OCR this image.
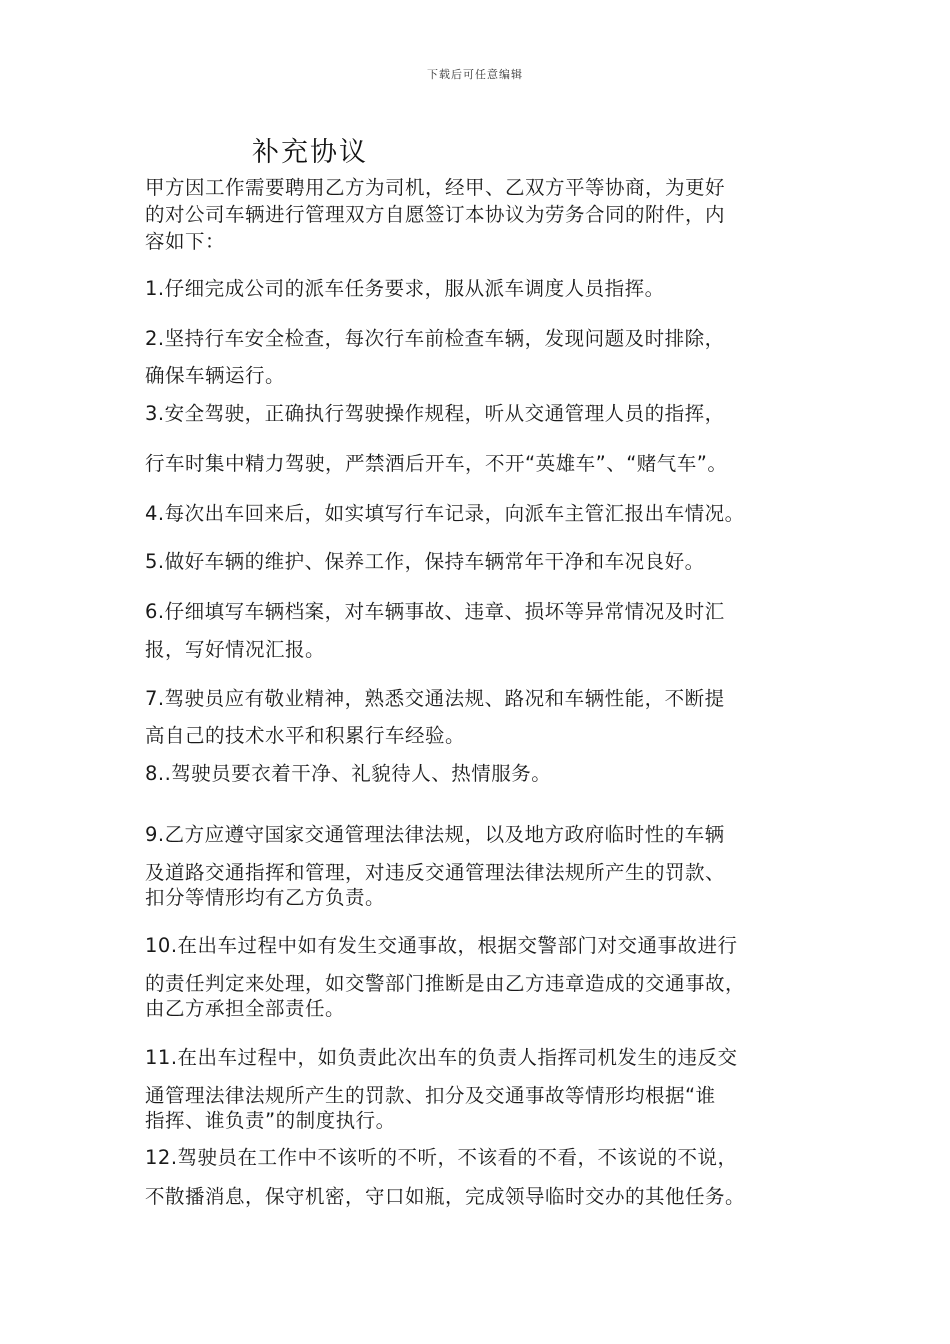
下载后可任意编辑
补充协议
甲方因工作需要聘用乙方为司机，经甲、乙双方平等协商，为更好
的对公司车辆进行管理双方自愿签订本协议为劳务合同的附件，内
容如下：
1.仔细完成公司的派车任务要求，服从派车调度人员指挥。
2.坚持行车安全检查，每次行车前检查车辆，发现问题及时排除，
确保车辆运行。
3.安全驾驶，正确执行驾驶操作规程，听从交通管理人员的指挥，
行车时集中精力驾驶，严禁酒后开车，不开“英雄车”、“赌气车”。
4.每次出车回来后，如实填写行车记录，向派车主管汇报出车情况。
5.做好车辆的维护、保养工作，保持车辆常年干净和车况良好。
6.仔细填写车辆档案，对车辆事故、违章、损坏等异常情况及时汇
报，写好情况汇报。
7.驾驶员应有敬业精神，熟悉交通法规、路况和车辆性能，不断提
高自己的技术水平和积累行车经验。
8..驾驶员要衣着干净、礼貌待人、热情服务。
9.乙方应遵守国家交通管理法律法规，以及地方政府临时性的车辆
及道路交通指挥和管理，对违反交通管理法律法规所产生的罚款、
扣分等情形均有乙方负责。
10.在出车过程中如有发生交通事故，根据交警部门对交通事故进行
的责任判定来处理，如交警部门推断是由乙方违章造成的交通事故，
由乙方承担全部责任。
11.在出车过程中，如负责此次出车的负责人指挥司机发生的违反交
通管理法律法规所产生的罚款、扣分及交通事故等情形均根据“谁
指挥、谁负责”的制度执行。
12.驾驶员在工作中不该听的不听，不该看的不看，不该说的不说，
不散播消息，保守机密，守口如瓶，完成领导临时交办的其他任务。
